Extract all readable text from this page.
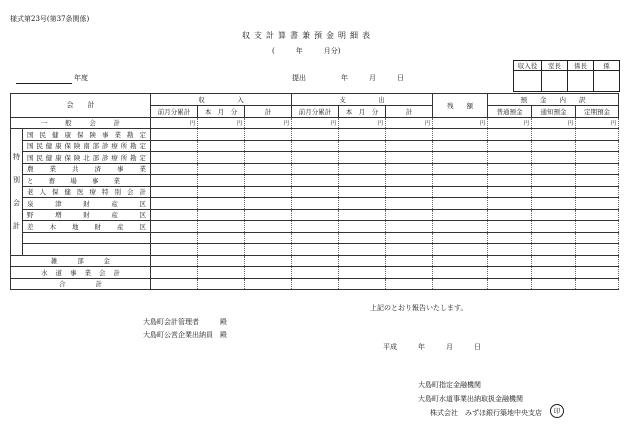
様式第23号(第37条関係)
収支計算書兼預金明細表
(　　　年　　　月分)
年度	提出　　　　　年　　　月　　　日
収入役	室長	係長	係

会　　計		収　　　　　入			支　　　　　出			残　　額	預　　金　　内　　訳		
		前月分累計	本　月　分	計	前月分累計	本　月　分	計		普通預金	通知預金	定期預金
一般会計		円	円	円	円	円	円	円	円	円	円

特
別
会
計	国民健康保険事業勘定										
	国民健康保険南部診療所勘定										
	国民健康保険北部診療所勘定										
	農業共済事業										
	と畜場事業										
	老人保健医療特別会計										
	泉津財産区										
	野増財産区										
	差木地財産区										

雑部金											
水道事業会計											
合計											
上記のとおり報告いたします。
大島町会計管理者　　　殿
大島町公営企業出納員　殿
平成　　　年　　　月　　　日
大島町指定金融機関
大島町水道事業出納取扱金融機関
株式会社　みずほ銀行築地中央支店	印
